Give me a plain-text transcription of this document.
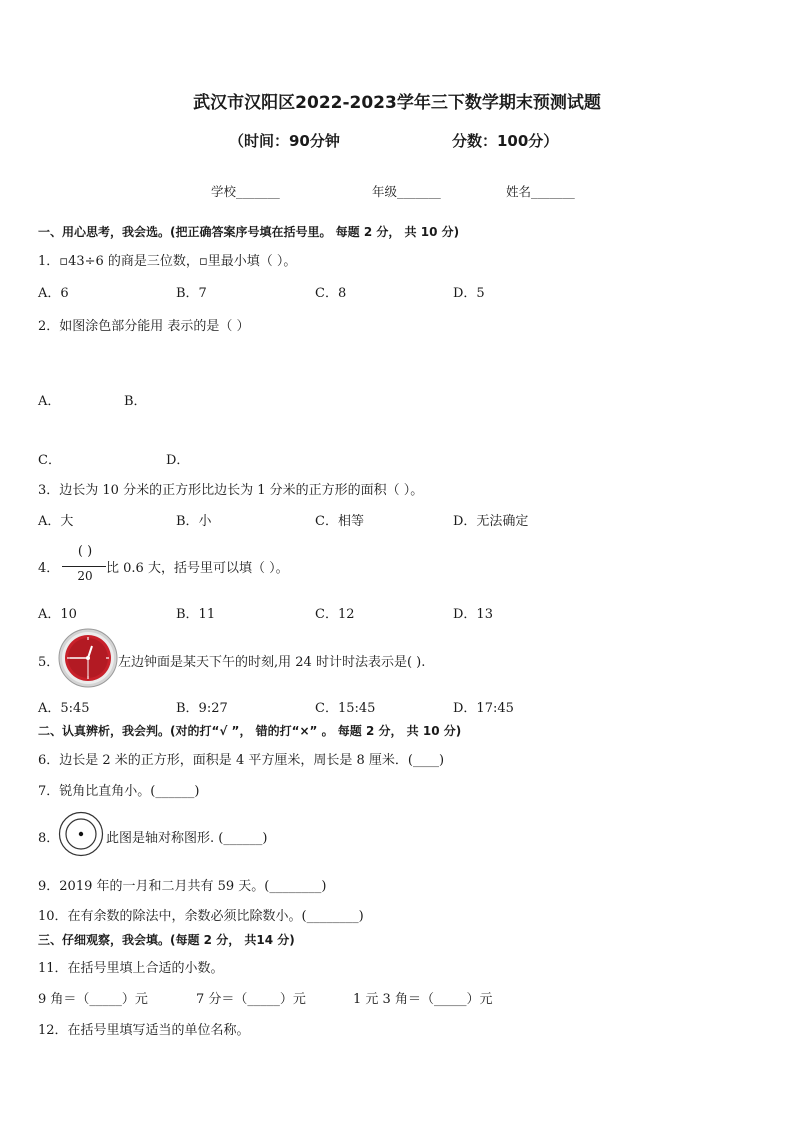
武汉市汉阳区2022-2023学年三下数学期末预测试题
（时间：90分钟	分数：100分）
学校_______	年级_______	姓名_______
一、用心思考，我会选。(把正确答案序号填在括号里。 每题 2 分， 共 10 分)
1．▫43÷6 的商是三位数，▫里最小填（ ）。
A．6	B．7	C．8	D．5
2．如图涂色部分能用 表示的是（ ）
A．	B．
C．	D．
3．边长为 10 分米的正方形比边长为 1 分米的正方形的面积（ ）。
A．大	B．小	C．相等	D．无法确定
4．
( )
20	比 0.6 大，括号里可以填（ ）。
A．10	B．11	C．12	D．13
5．	左边钟面是某天下午的时刻,用 24 时计时法表示是( ).
A．5:45	B．9:27	C．15:45	D．17:45
二、认真辨析，我会判。(对的打“√ ”， 错的打“×” 。 每题 2 分， 共 10 分)
6．边长是 2 米的正方形，面积是 4 平方厘米，周长是 8 厘米．(____)
7．锐角比直角小。(______)
8．	此图是轴对称图形. (______)
9．2019 年的一月和二月共有 59 天。(________)
10．在有余数的除法中，余数必须比除数小。(________)
三、仔细观察，我会填。(每题 2 分， 共14 分)
11．在括号里填上合适的小数。
9 角＝（_____）元	7 分＝（_____）元	1 元 3 角＝（_____）元
12．在括号里填写适当的单位名称。
